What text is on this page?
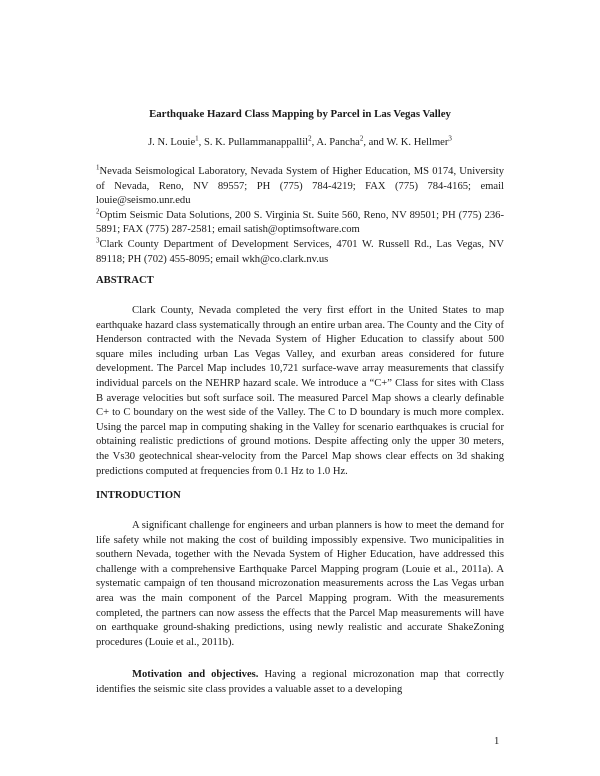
Earthquake Hazard Class Mapping by Parcel in Las Vegas Valley
J. N. Louie$^1$, S. K. Pullammanappallil$^2$, A. Pancha$^2$, and W. K. Hellmer$^3$

$^1$Nevada Seismological Laboratory, Nevada System of Higher Education, MS 0174, University of Nevada, Reno, NV 89557; PH (775) 784-4219; FAX (775) 784-4165; email louie@seismo.unr.edu

$^2$Optim Seismic Data Solutions, 200 S. Virginia St. Suite 560, Reno, NV 89501; PH (775) 236-5891; FAX (775) 287-2581; email satish@optimsoftware.com

$^3$Clark County Department of Development Services, 4701 W. Russell Rd., Las Vegas, NV 89118; PH (702) 455-8095; email wkh@co.clark.nv.us

ABSTRACT
Clark County, Nevada completed the very first effort in the United States to map earthquake hazard class systematically through an entire urban area. The County and the City of Henderson contracted with the Nevada System of Higher Education to classify about 500 square miles including urban Las Vegas Valley, and exurban areas considered for future development. The Parcel Map includes 10,721 surface-wave array measurements that classify individual parcels on the NEHRP hazard scale. We introduce a “C+” Class for sites with Class B average velocities but soft surface soil. The measured Parcel Map shows a clearly definable C+ to C boundary on the west side of the Valley. The C to D boundary is much more complex. Using the parcel map in computing shaking in the Valley for scenario earthquakes is crucial for obtaining realistic predictions of ground motions. Despite affecting only the upper 30 meters, the Vs30 geotechnical shear-velocity from the Parcel Map shows clear effects on 3d shaking predictions computed at frequencies from 0.1 Hz to 1.0 Hz.
INTRODUCTION
A significant challenge for engineers and urban planners is how to meet the demand for life safety while not making the cost of building impossibly expensive. Two municipalities in southern Nevada, together with the Nevada System of Higher Education, have addressed this challenge with a comprehensive Earthquake Parcel Mapping program (Louie et al., 2011a). A systematic campaign of ten thousand microzonation measurements across the Las Vegas urban area was the main component of the Parcel Mapping program. With the measurements completed, the partners can now assess the effects that the Parcel Map measurements will have on earthquake ground-shaking predictions, using newly realistic and accurate ShakeZoning procedures (Louie et al., 2011b).
Motivation and objectives. Having a regional microzonation map that correctly identifies the seismic site class provides a valuable asset to a developing
1
